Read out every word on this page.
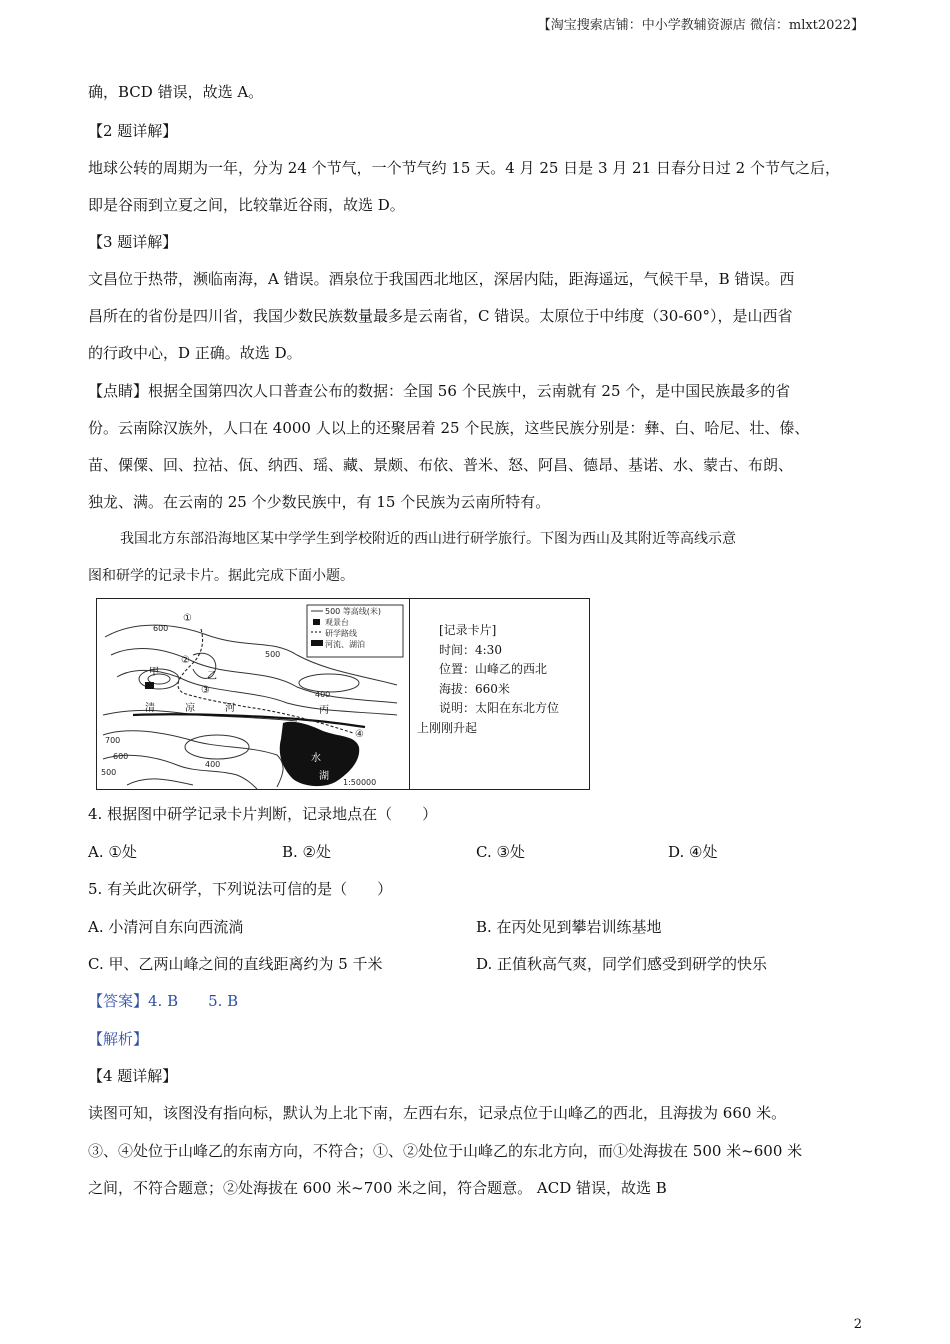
【淘宝搜索店铺：中小学教辅资源店 微信：mlxt2022】
确，BCD 错误，故选 A。
【2 题详解】
地球公转的周期为一年，分为 24 个节气，一个节气约 15 天。4 月 25 日是 3 月 21 日春分日过 2 个节气之后，
即是谷雨到立夏之间，比较靠近谷雨，故选 D。
【3 题详解】
文昌位于热带，濒临南海，A 错误。酒泉位于我国西北地区，深居内陆，距海遥远，气候干旱，B 错误。西
昌所在的省份是四川省，我国少数民族数量最多是云南省，C 错误。太原位于中纬度（30-60°），是山西省
的行政中心，D 正确。故选 D。
【点睛】根据全国第四次人口普查公布的数据：全国 56 个民族中，云南就有 25 个，是中国民族最多的省
份。云南除汉族外，人口在 4000 人以上的还聚居着 25 个民族，这些民族分别是：彝、白、哈尼、壮、傣、
苗、傈僳、回、拉祜、佤、纳西、瑶、藏、景颇、布依、普米、怒、阿昌、德昂、基诺、水、蒙古、布朗、
独龙、满。在云南的 25 个少数民族中，有 15 个民族为云南所特有。
我国北方东部沿海地区某中学学生到学校附近的西山进行研学旅行。下图为西山及其附近等高线示意
图和研学的记录卡片。据此完成下面小题。
500 等高线(米)
观景台
研学路线
河流、湖泊
600
500
400
700
600
500
400
1:50000
甲	乙
丙
清	凉	河
①
②
③
④
水
湖
[记录卡片]
时间：4:30
位置：山峰乙的西北
海拔：660米
说明：太阳在东北方位
上刚刚升起
4. 根据图中研学记录卡片判断，记录地点在（　　）
A. ①处	B. ②处	C. ③处	D. ④处
5. 有关此次研学，下列说法可信的是（　　）
A. 小清河自东向西流淌	B. 在丙处见到攀岩训练基地
C. 甲、乙两山峰之间的直线距离约为 5 千米	D. 正值秋高气爽，同学们感受到研学的快乐
【答案】4. B　　5. B
【解析】
【4 题详解】
读图可知，该图没有指向标，默认为上北下南，左西右东，记录点位于山峰乙的西北，且海拔为 660 米。
③、④处位于山峰乙的东南方向，不符合；①、②处位于山峰乙的东北方向，而①处海拔在 500 米~600 米
之间，不符合题意；②处海拔在 600 米~700 米之间，符合题意。 ACD 错误，故选 B
2
